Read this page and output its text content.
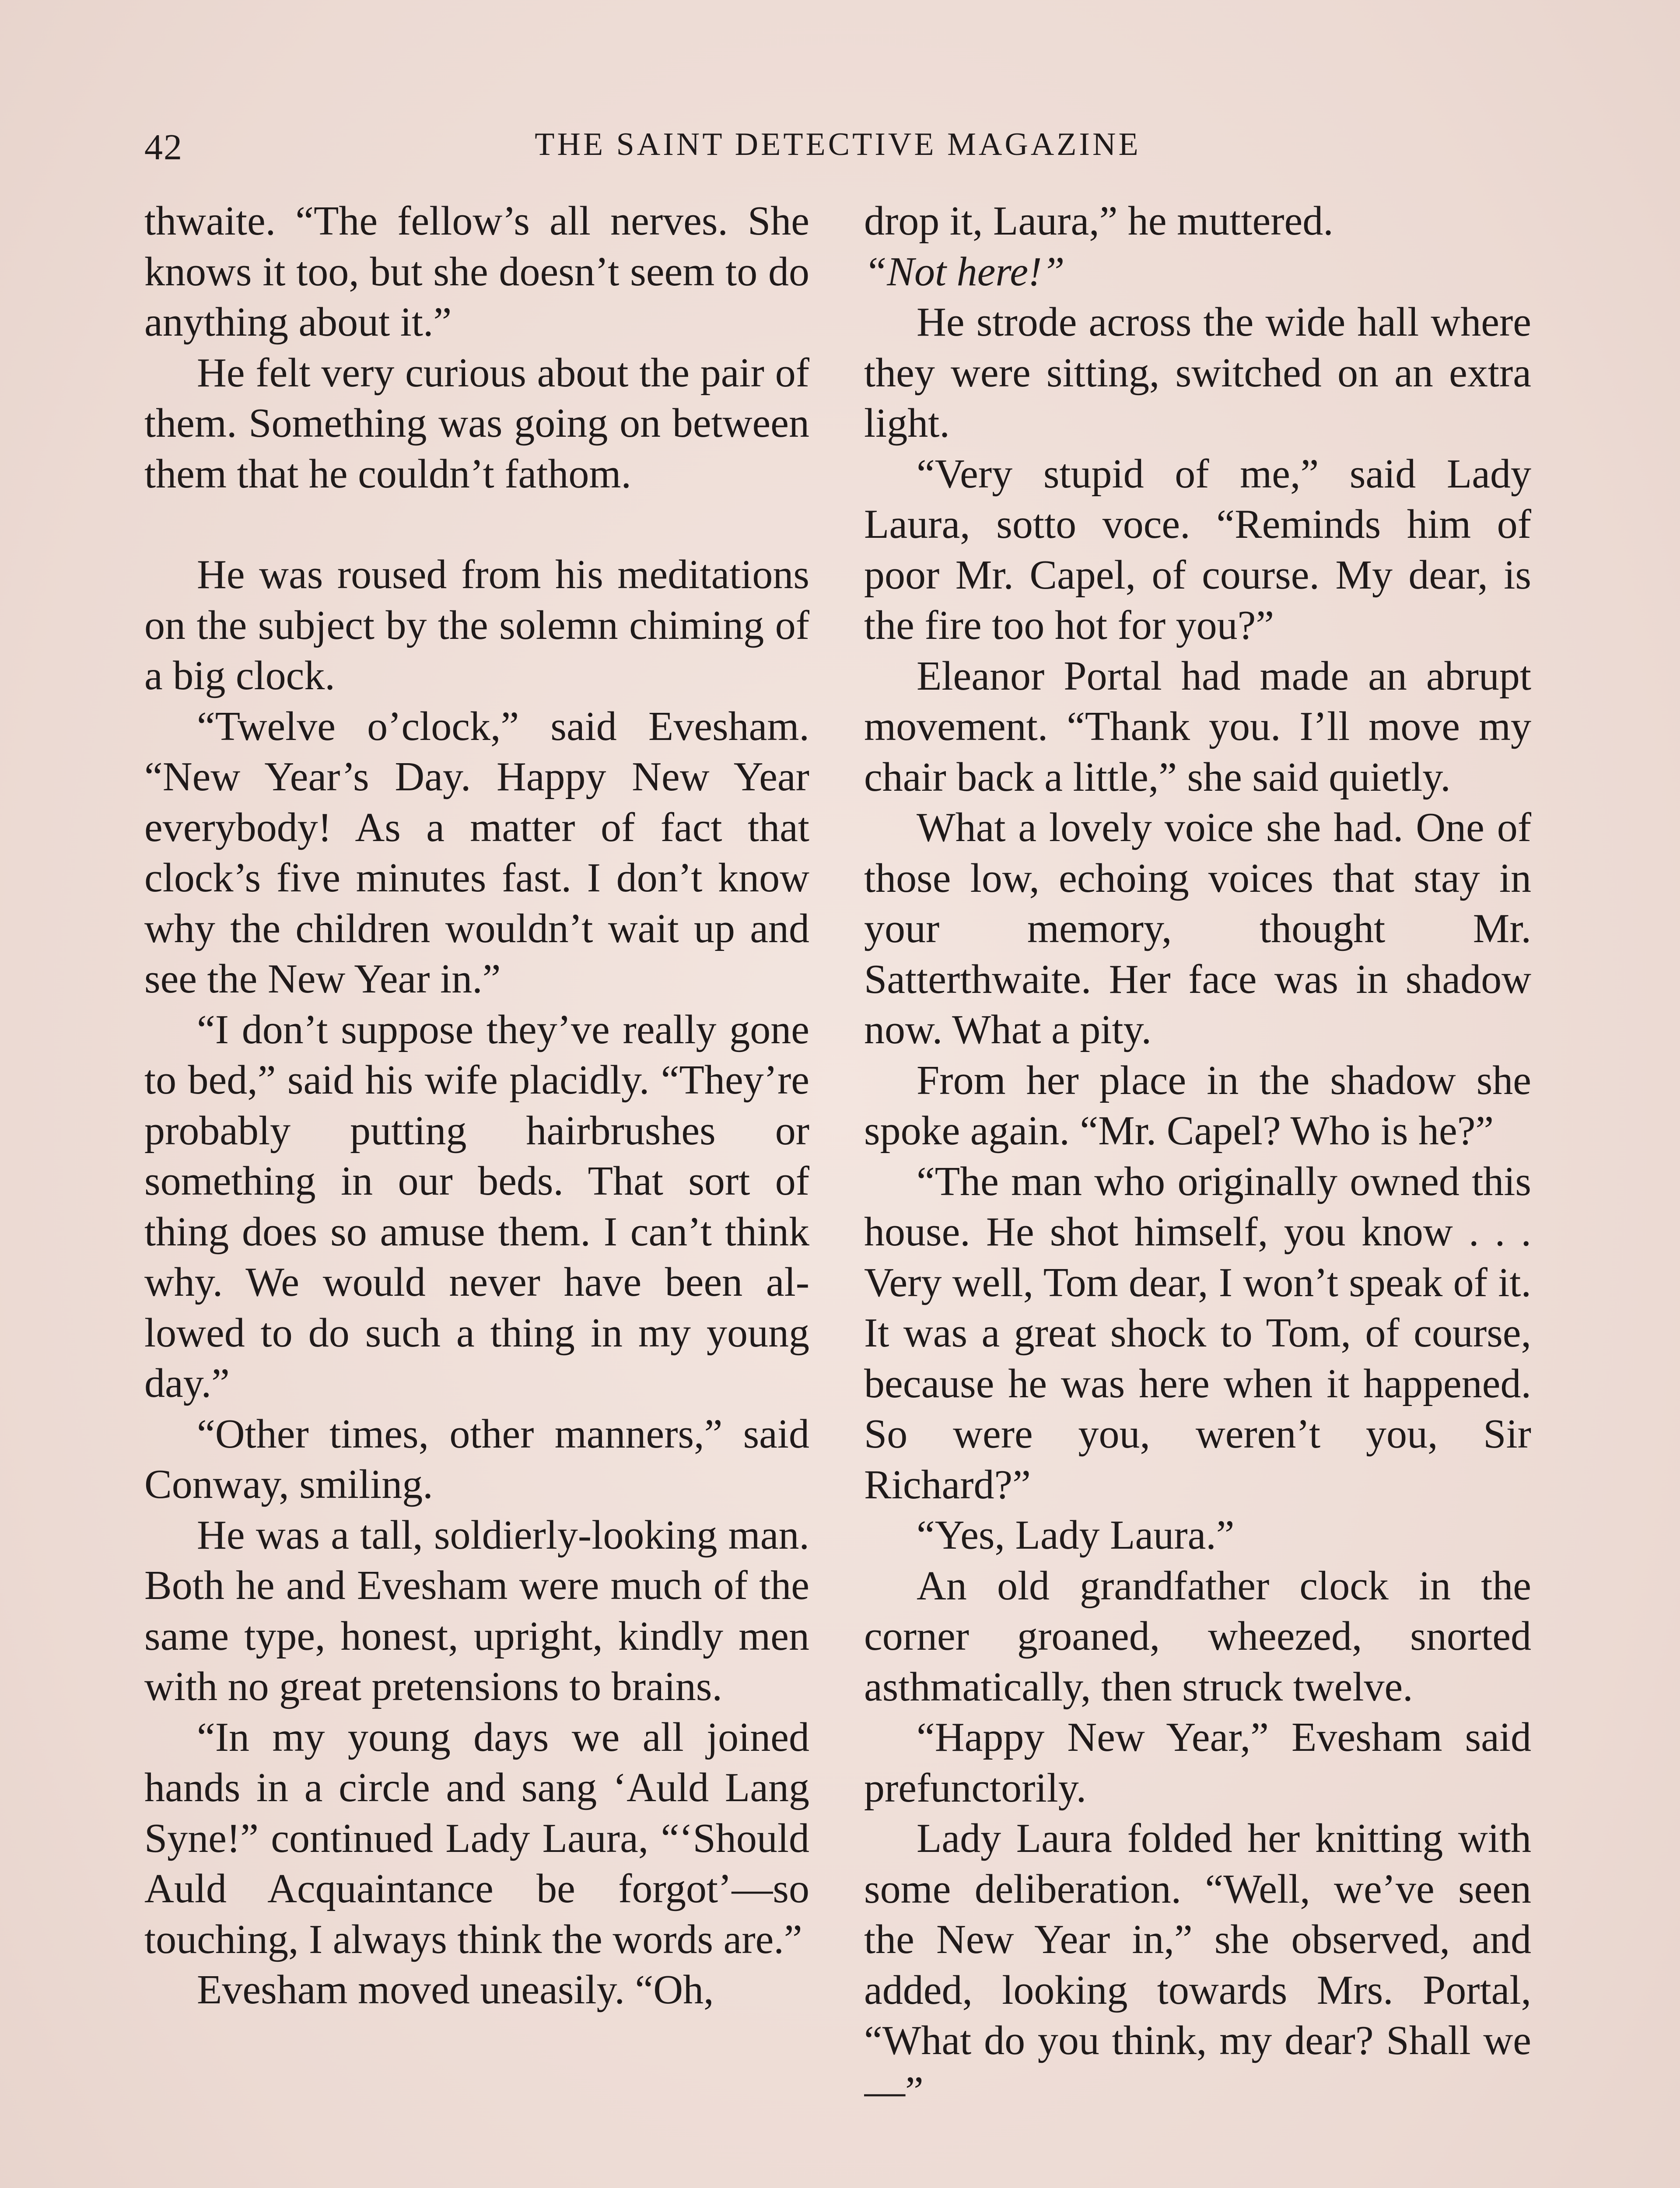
42	THE SAINT DETECTIVE MAGAZINE

thwaite. “The fellow’s all nerves. She knows it too, but she doesn’t seem to do anything about it.”

He felt very curious about the pair of them. Something was going on between them that he couldn’t fathom.

He was roused from his meditations on the subject by the solemn chiming of a big clock.

“Twelve o’clock,” said Evesham. “New Year’s Day. Happy New Year everybody! As a matter of fact that clock’s five minutes fast. I don’t know why the children wouldn’t wait up and see the New Year in.”

“I don’t suppose they’ve really gone to bed,” said his wife placidly. “They’re probably putting hairbrushes or something in our beds. That sort of thing does so amuse them. I can’t think why. We would never have been allowed to do such a thing in my young day.”

“Other times, other manners,” said Conway, smiling.

He was a tall, soldierly-looking man. Both he and Evesham were much of the same type, honest, upright, kindly men with no great pretensions to brains.

“In my young days we all joined hands in a circle and sang ‘Auld Lang Syne!” continued Lady Laura, “‘Should Auld Acquaintance be forgot’—so touching, I always think the words are.”

Evesham moved uneasily. “Oh,

drop it, Laura,” he muttered.

“Not here!”

He strode across the wide hall where they were sitting, switched on an extra light.

“Very stupid of me,” said Lady Laura, sotto voce. “Reminds him of poor Mr. Capel, of course. My dear, is the fire too hot for you?”

Eleanor Portal had made an abrupt movement. “Thank you. I’ll move my chair back a little,” she said quietly.

What a lovely voice she had. One of those low, echoing voices that stay in your memory, thought Mr. Satterthwaite. Her face was in shadow now. What a pity.

From her place in the shadow she spoke again. “Mr. Capel? Who is he?”

“The man who originally owned this house. He shot himself, you know . . . Very well, Tom dear, I won’t speak of it. It was a great shock to Tom, of course, because he was here when it happened. So were you, weren’t you, Sir Richard?”

“Yes, Lady Laura.”

An old grandfather clock in the corner groaned, wheezed, snorted asthmatically, then struck twelve.

“Happy New Year,” Evesham said prefunctorily.

Lady Laura folded her knitting with some deliberation. “Well, we’ve seen the New Year in,” she observed, and added, looking towards Mrs. Portal, “What do you think, my dear? Shall we—”
